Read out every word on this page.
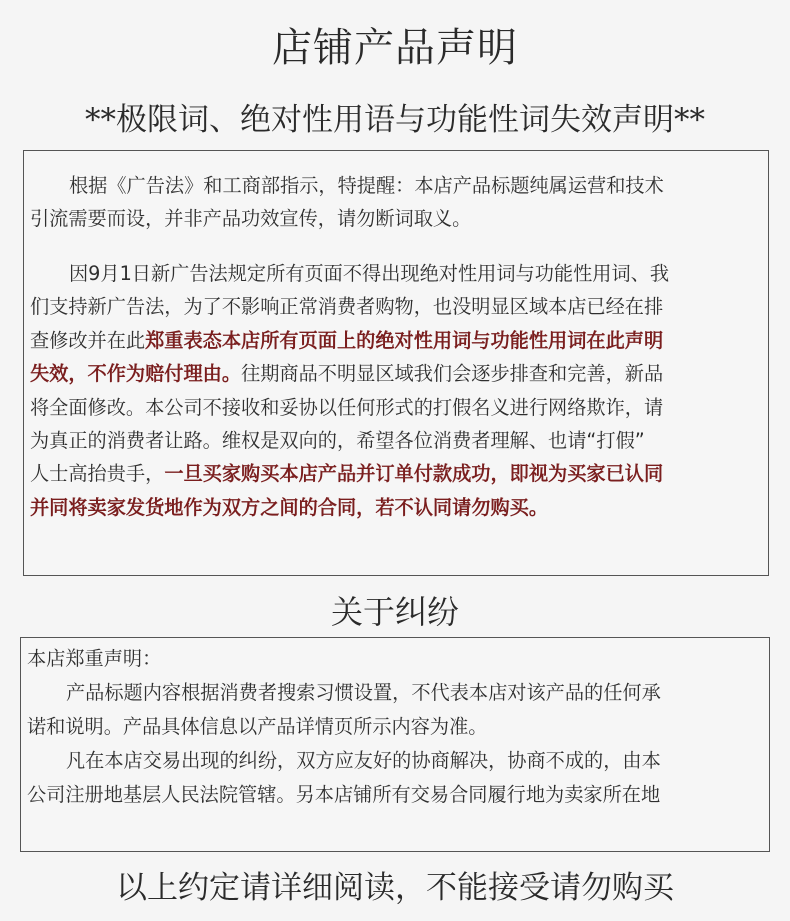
店铺产品声明
**极限词、绝对性用语与功能性词失效声明**
根据《广告法》和工商部指示，特提醒：本店产品标题纯属运营和技术
引流需要而设，并非产品功效宣传，请勿断词取义。
因9月1日新广告法规定所有页面不得出现绝对性用词与功能性用词、我
们支持新广告法，为了不影响正常消费者购物，也没明显区域本店已经在排
查修改并在此郑重表态本店所有页面上的绝对性用词与功能性用词在此声明
失效，不作为赔付理由。往期商品不明显区域我们会逐步排查和完善，新品
将全面修改。本公司不接收和妥协以任何形式的打假名义进行网络欺诈，请
为真正的消费者让路。维权是双向的，希望各位消费者理解、也请“打假”
人士高抬贵手，一旦买家购买本店产品并订单付款成功，即视为买家已认同
并同将卖家发货地作为双方之间的合同，若不认同请勿购买。
关于纠纷
本店郑重声明：
产品标题内容根据消费者搜索习惯设置，不代表本店对该产品的任何承
诺和说明。产品具体信息以产品详情页所示内容为准。
凡在本店交易出现的纠纷，双方应友好的协商解决，协商不成的，由本
公司注册地基层人民法院管辖。另本店铺所有交易合同履行地为卖家所在地
以上约定请详细阅读，不能接受请勿购买
